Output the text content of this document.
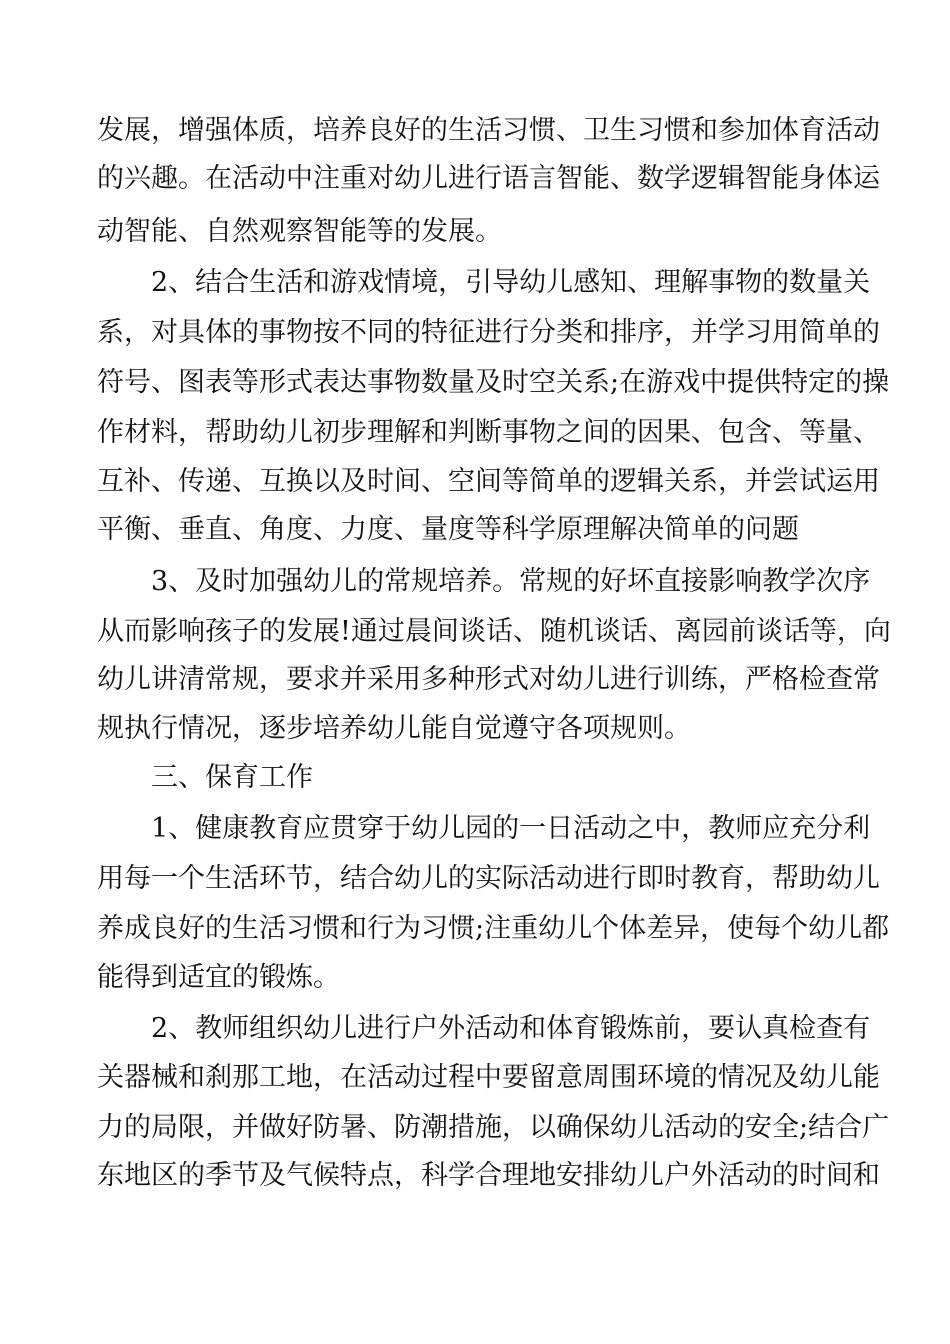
发展，增强体质，培养良好的生活习惯、卫生习惯和参加体育活动
的兴趣。在活动中注重对幼儿进行语言智能、数学逻辑智能身体运
动智能、自然观察智能等的发展。
2、结合生活和游戏情境，引导幼儿感知、理解事物的数量关
系，对具体的事物按不同的特征进行分类和排序，并学习用简单的
符号、图表等形式表达事物数量及时空关系;在游戏中提供特定的操
作材料，帮助幼儿初步理解和判断事物之间的因果、包含、等量、
互补、传递、互换以及时间、空间等简单的逻辑关系，并尝试运用
平衡、垂直、角度、力度、量度等科学原理解决简单的问题
3、及时加强幼儿的常规培养。常规的好坏直接影响教学次序
从而影响孩子的发展!通过晨间谈话、随机谈话、离园前谈话等，向
幼儿讲清常规，要求并采用多种形式对幼儿进行训练，严格检查常
规执行情况，逐步培养幼儿能自觉遵守各项规则。
三、保育工作
1、健康教育应贯穿于幼儿园的一日活动之中，教师应充分利
用每一个生活环节，结合幼儿的实际活动进行即时教育，帮助幼儿
养成良好的生活习惯和行为习惯;注重幼儿个体差异，使每个幼儿都
能得到适宜的锻炼。
2、教师组织幼儿进行户外活动和体育锻炼前，要认真检查有
关器械和刹那工地，在活动过程中要留意周围环境的情况及幼儿能
力的局限，并做好防暑、防潮措施，以确保幼儿活动的安全;结合广
东地区的季节及气候特点，科学合理地安排幼儿户外活动的时间和
